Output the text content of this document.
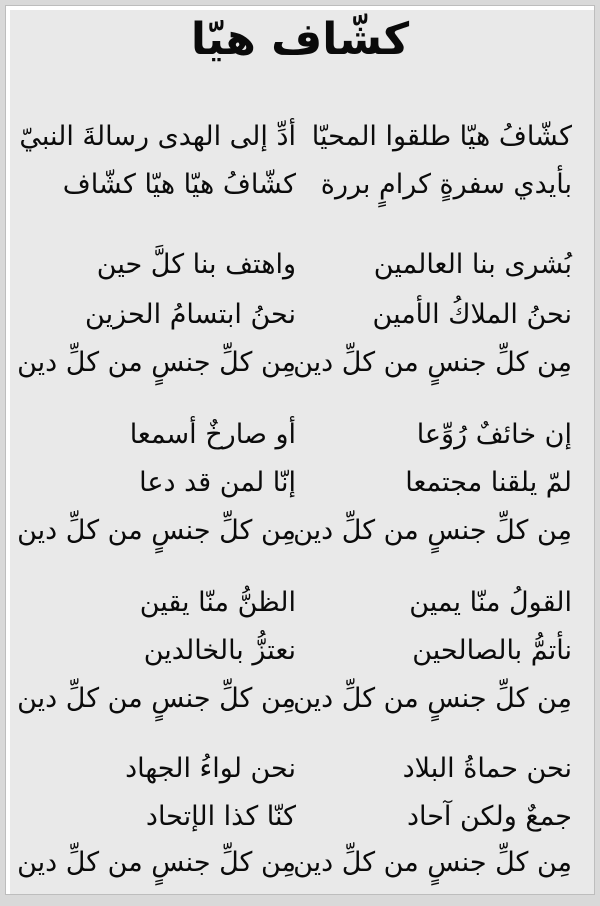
كشّاف هيّا
كشّافُ هيّا طلقوا المحيّا
أدِّ إلى الهدى رسالةَ النبيّ
بأيدي سفرةٍ كرامٍ بررة
كشّافُ هيّا هيّا كشّاف
بُشرى بنا العالمين
واهتف بنا كلَّ حين
نحنُ الملاكُ الأمين
نحنُ ابتسامُ الحزين
مِن كلِّ جنسٍ من كلِّ دين
مِن كلِّ جنسٍ من كلِّ دين
إن خائفٌ رُوِّعا
أو صارخٌ أسمعا
لمّ يلقنا مجتمعا
إنّا لمن قد دعا
مِن كلِّ جنسٍ من كلِّ دين
مِن كلِّ جنسٍ من كلِّ دين
القولُ منّا يمين
الظنُّ منّا يقين
نأتمُّ بالصالحين
نعتزُّ بالخالدين
مِن كلِّ جنسٍ من كلِّ دين
مِن كلِّ جنسٍ من كلِّ دين
نحن حماةُ البلاد
نحن لواءُ الجهاد
جمعٌ ولكن آحاد
كنّا كذا الإتحاد
مِن كلِّ جنسٍ من كلِّ دين
مِن كلِّ جنسٍ من كلِّ دين
